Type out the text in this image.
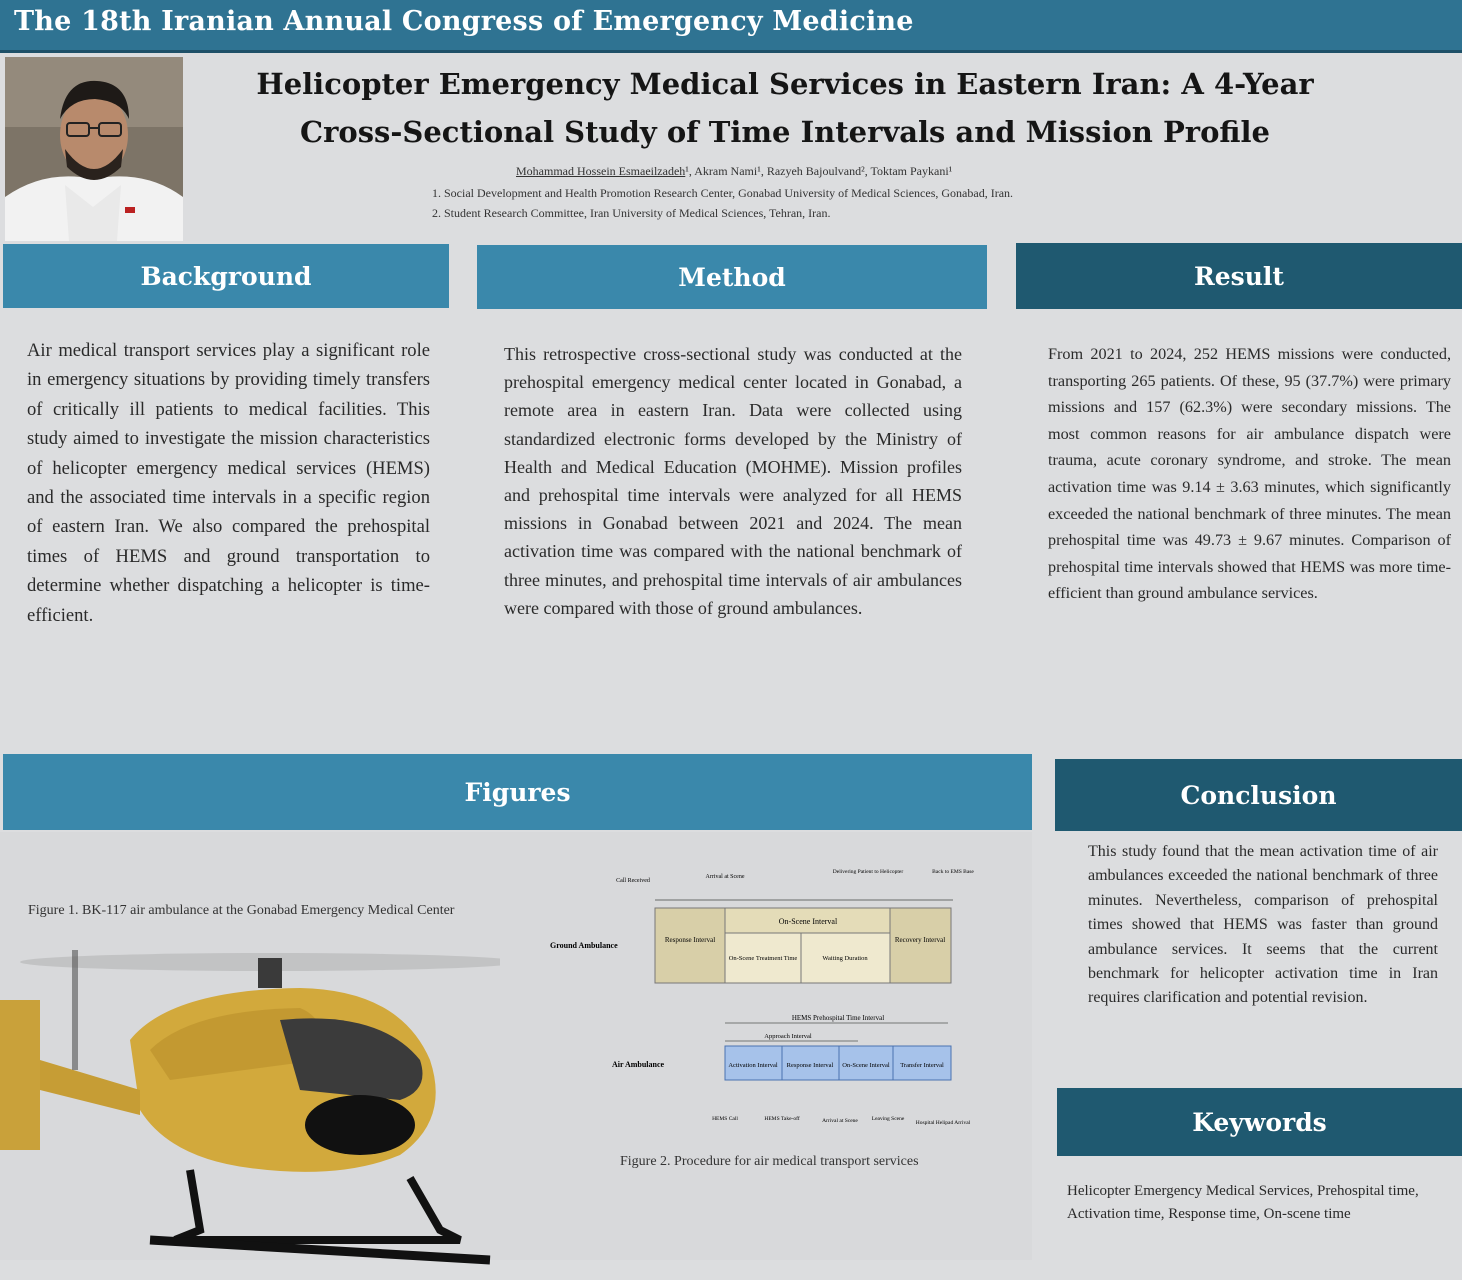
The 18th Iranian Annual Congress of Emergency Medicine
Helicopter Emergency Medical Services in Eastern Iran: A 4-Year
Cross-Sectional Study of Time Intervals and Mission Profile
Mohammad Hossein Esmaeilzadeh¹, Akram Nami¹, Razyeh Bajoulvand², Toktam Paykani¹
1. Social Development and Health Promotion Research Center, Gonabad University of Medical Sciences, Gonabad, Iran.
2. Student Research Committee, Iran University of Medical Sciences, Tehran, Iran.
Background	Method	Result
Air medical transport services play a significant role in emergency situations by providing timely transfers of critically ill patients to medical facilities. This study aimed to investigate the mission characteristics of helicopter emergency medical services (HEMS) and the associated time intervals in a specific region of eastern Iran. We also compared the prehospital times of HEMS and ground transportation to determine whether dispatching a helicopter is time-efficient.
This retrospective cross-sectional study was conducted at the prehospital emergency medical center located in Gonabad, a remote area in eastern Iran. Data were collected using standardized electronic forms developed by the Ministry of Health and Medical Education (MOHME). Mission profiles and prehospital time intervals were analyzed for all HEMS missions in Gonabad between 2021 and 2024. The mean activation time was compared with the national benchmark of three minutes, and prehospital time intervals of air ambulances were compared with those of ground ambulances.
From 2021 to 2024, 252 HEMS missions were conducted, transporting 265 patients. Of these, 95 (37.7%) were primary missions and 157 (62.3%) were secondary missions. The most common reasons for air ambulance dispatch were trauma, acute coronary syndrome, and stroke. The mean activation time was 9.14 ± 3.63 minutes, which significantly exceeded the national benchmark of three minutes. The mean prehospital time was 49.73 ± 9.67 minutes. Comparison of prehospital time intervals showed that HEMS was more time-efficient than ground ambulance services.
Figures
Figure 1. BK-117 air ambulance at the Gonabad Emergency Medical Center
Call Received
Arrival at Scene
Delivering Patient to Helicopter	Back to EMS Base
Response Interval
On-Scene Interval
On-Scene Treatment Time	Waiting Duration
Recovery Interval
Ground Ambulance
HEMS Prehospital Time Interval
Approach Interval
Activation Interval Response Interval On-Scene Interval Transfer Interval
Air Ambulance
HEMS Call	HEMS Take-off	Arrival at Scene	Leaving Scene
Hospital Helipad Arrival
Figure 2. Procedure for air medical transport services
Conclusion
This study found that the mean activation time of air ambulances exceeded the national benchmark of three minutes. Nevertheless, comparison of prehospital times showed that HEMS was faster than ground ambulance services. It seems that the current benchmark for helicopter activation time in Iran requires clarification and potential revision.
Keywords
Helicopter Emergency Medical Services, Prehospital time, Activation time, Response time, On-scene time
